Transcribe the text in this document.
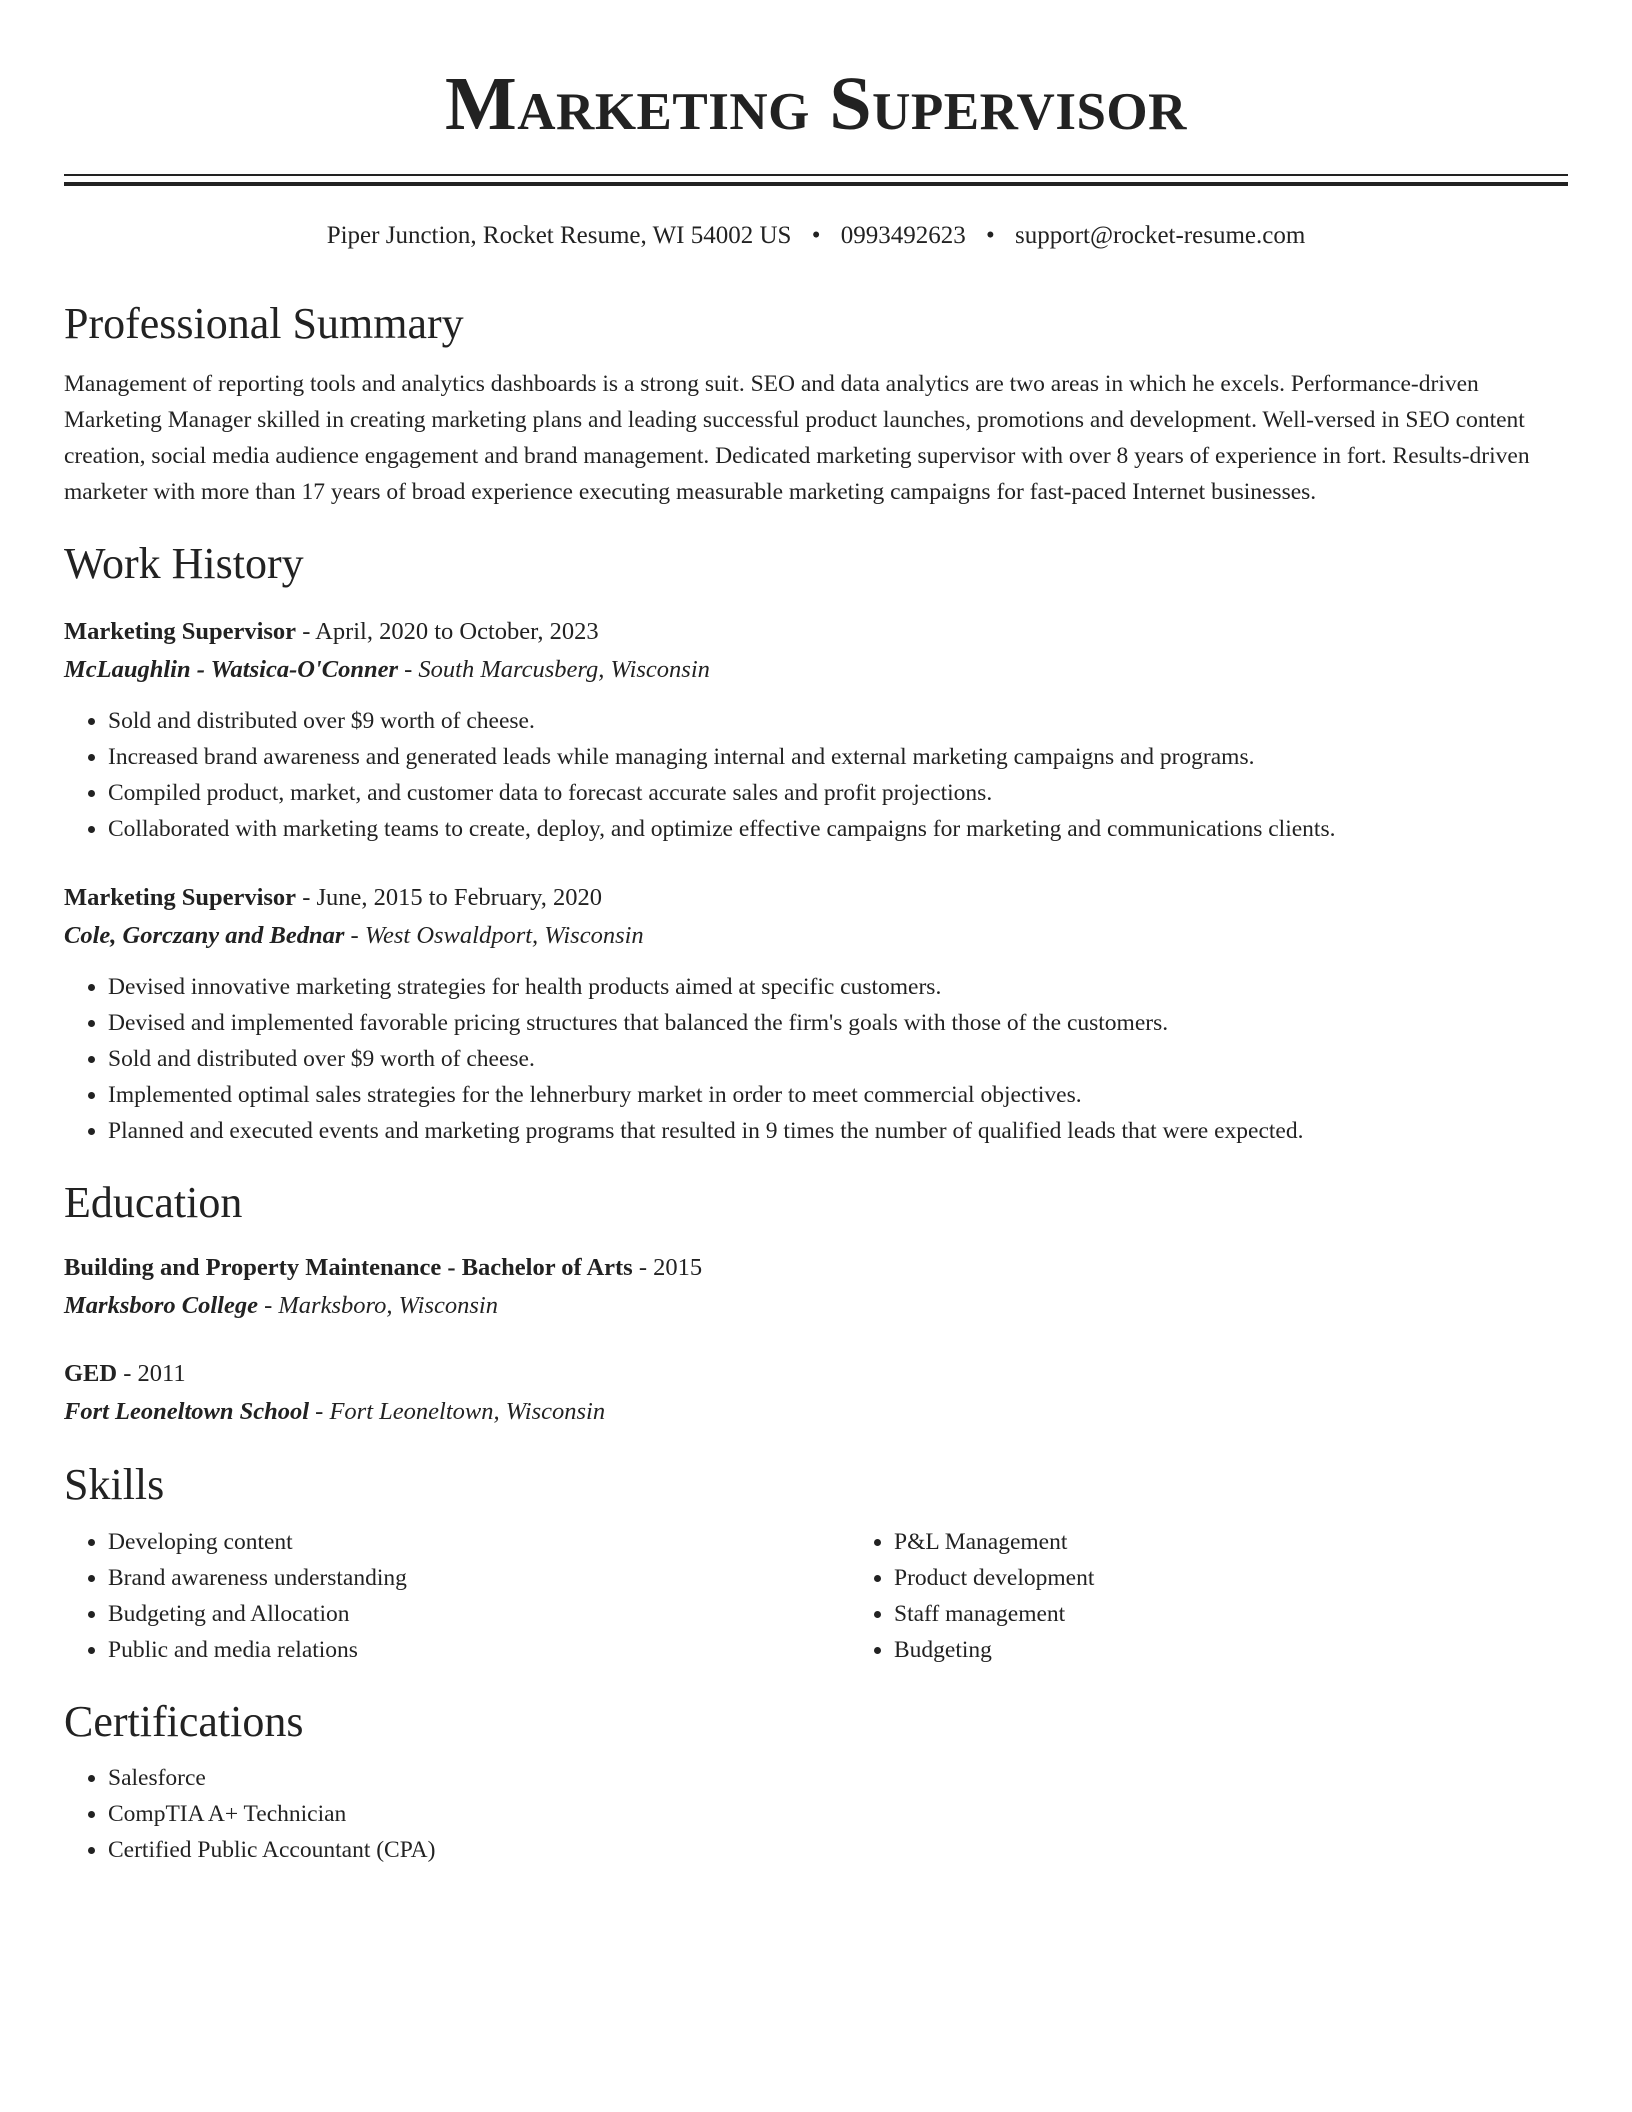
Marketing Supervisor
Piper Junction, Rocket Resume, WI 54002 US • 0993492623 • support@rocket-resume.com
Professional Summary

Management of reporting tools and analytics dashboards is a strong suit. SEO and data analytics are two areas in which he excels. Performance-driven Marketing Manager skilled in creating marketing plans and leading successful product launches, promotions and development. Well-versed in SEO content creation, social media audience engagement and brand management. Dedicated marketing supervisor with over 8 years of experience in fort. Results-driven marketer with more than 17 years of broad experience executing measurable marketing campaigns for fast-paced Internet businesses.

Work History
Marketing Supervisor - April, 2020 to October, 2023
McLaughlin - Watsica-O'Conner - South Marcusberg, Wisconsin
• Sold and distributed over $9 worth of cheese.
• Increased brand awareness and generated leads while managing internal and external marketing campaigns and programs.
• Compiled product, market, and customer data to forecast accurate sales and profit projections.
• Collaborated with marketing teams to create, deploy, and optimize effective campaigns for marketing and communications clients.
Marketing Supervisor - June, 2015 to February, 2020
Cole, Gorczany and Bednar - West Oswaldport, Wisconsin
• Devised innovative marketing strategies for health products aimed at specific customers.
• Devised and implemented favorable pricing structures that balanced the firm's goals with those of the customers.
• Sold and distributed over $9 worth of cheese.
• Implemented optimal sales strategies for the lehnerbury market in order to meet commercial objectives.
• Planned and executed events and marketing programs that resulted in 9 times the number of qualified leads that were expected.
Education
Building and Property Maintenance - Bachelor of Arts - 2015
Marksboro College - Marksboro, Wisconsin
GED - 2011
Fort Leoneltown School - Fort Leoneltown, Wisconsin
Skills
• Developing content
• Brand awareness understanding
• Budgeting and Allocation
• Public and media relations
• P&L Management
• Product development
• Staff management
• Budgeting
Certifications
• Salesforce
• CompTIA A+ Technician
• Certified Public Accountant (CPA)
